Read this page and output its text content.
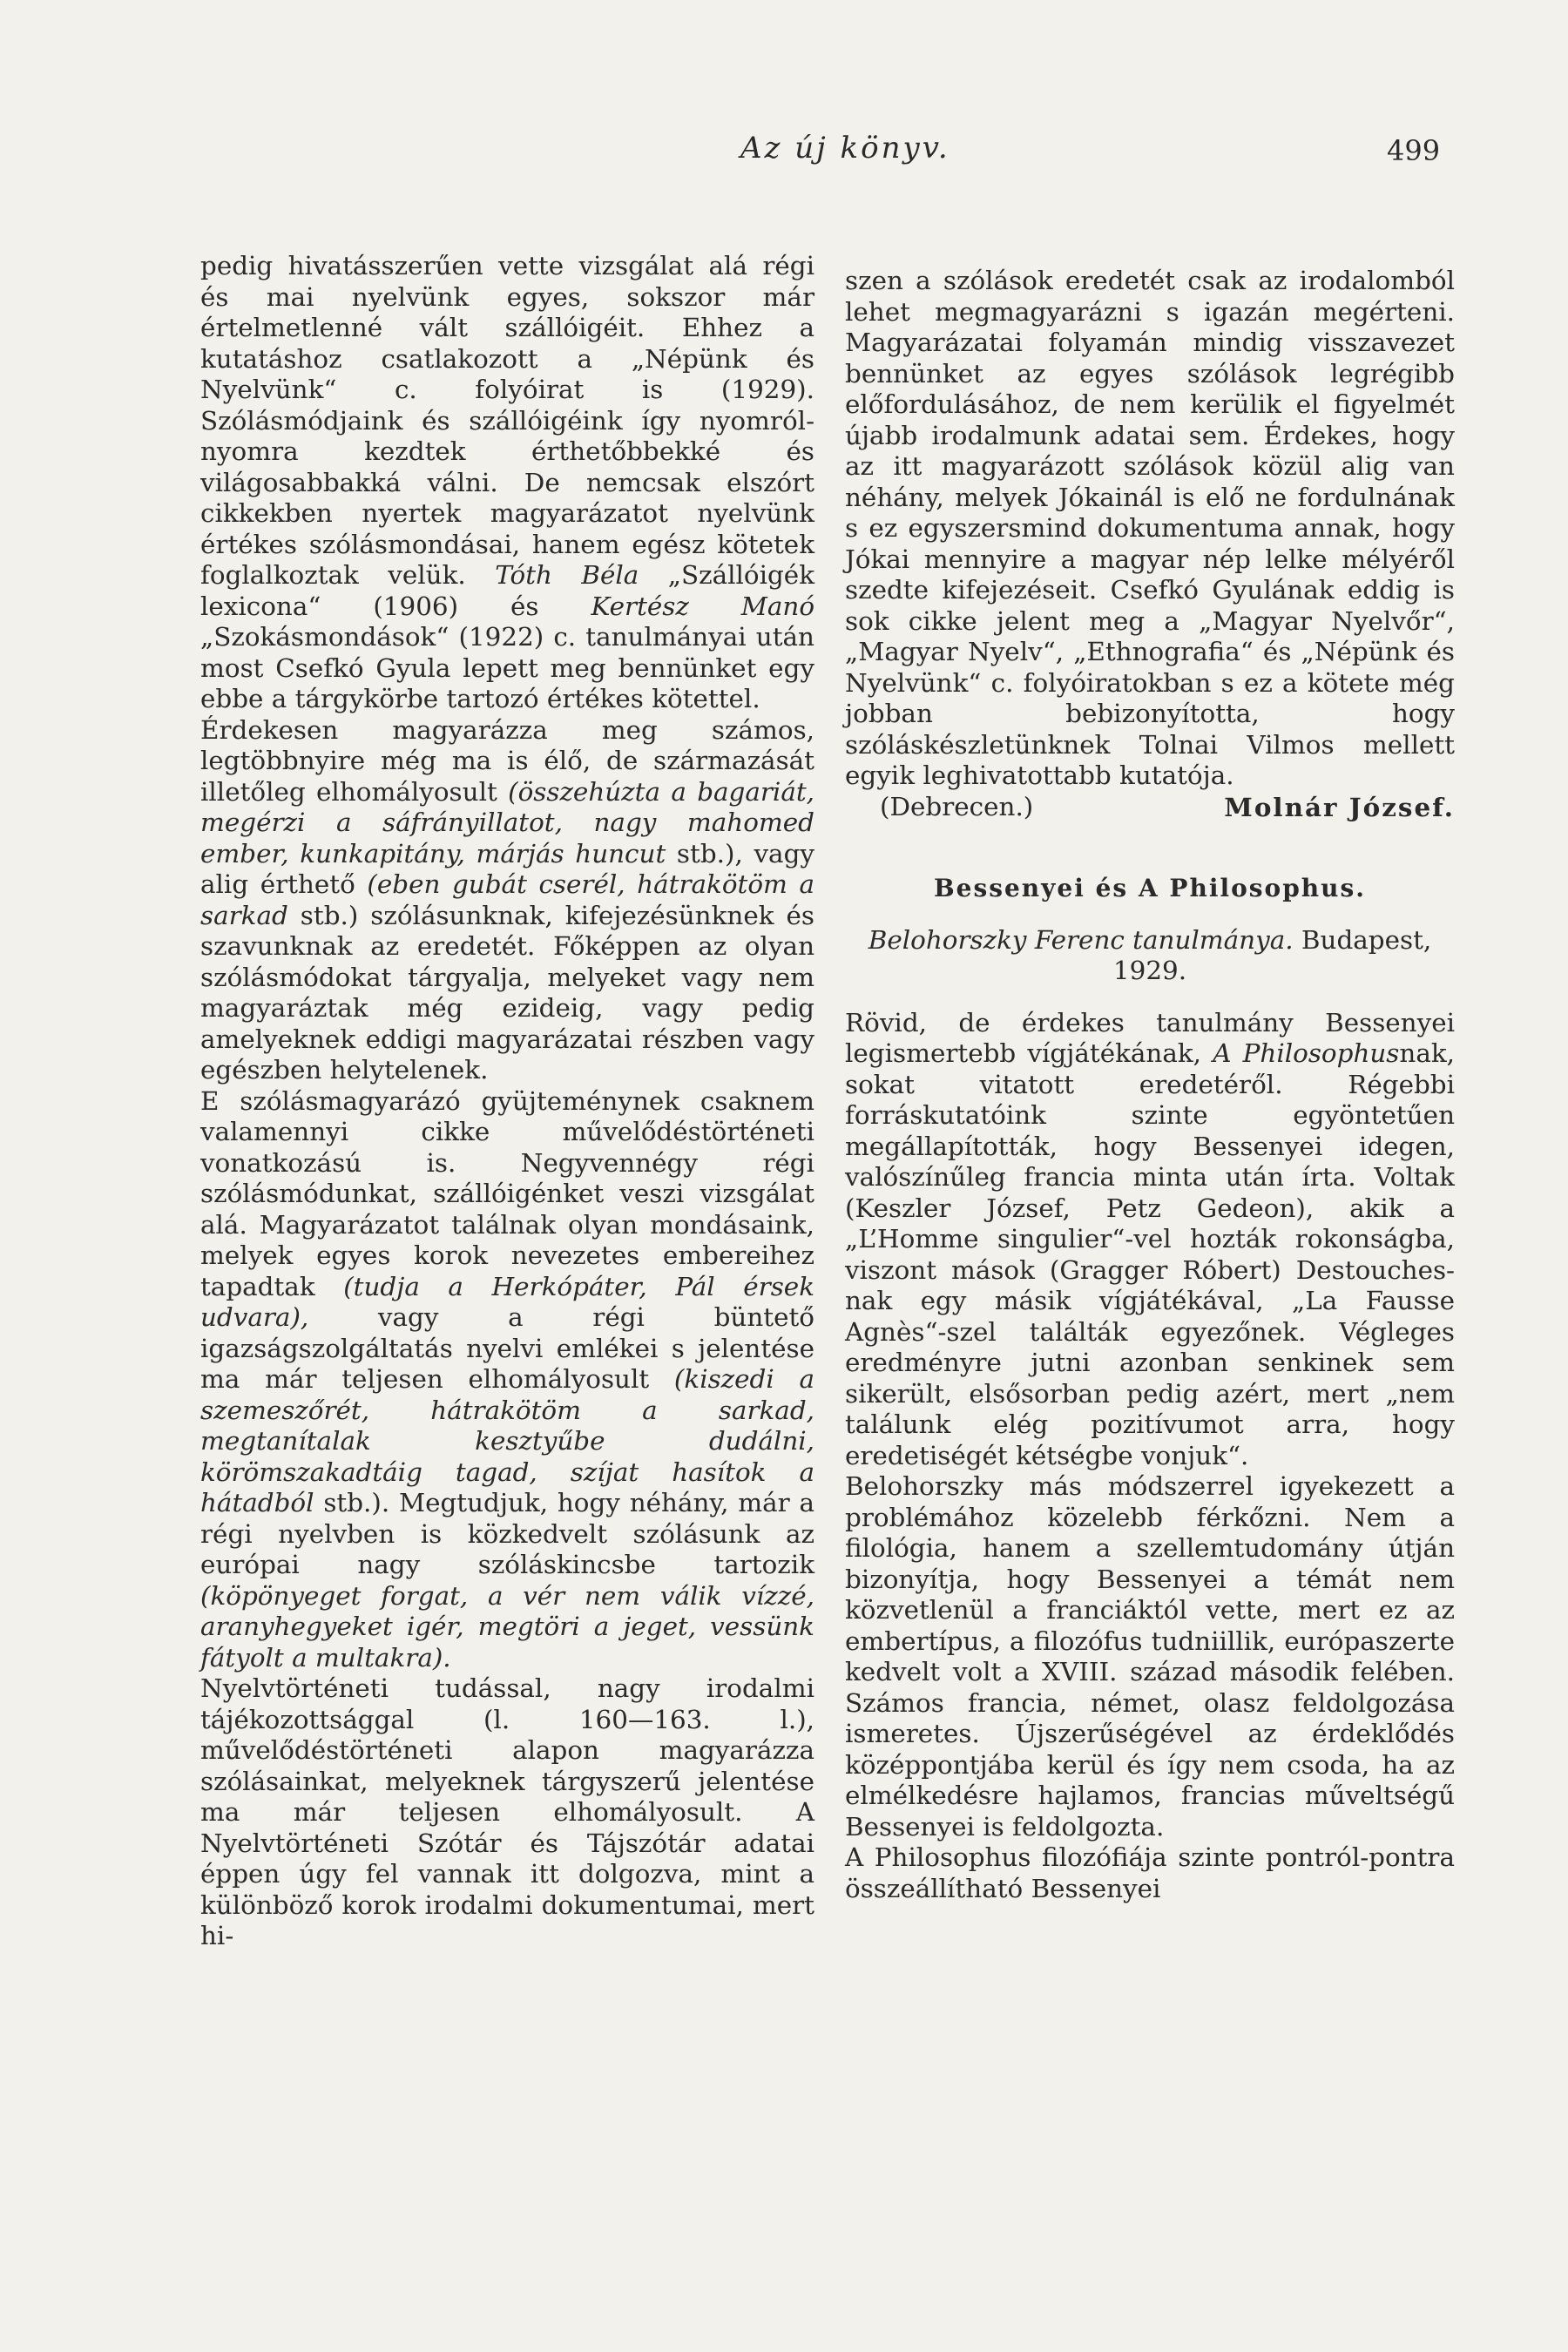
Az új könyv.	499

pedig hivatásszerűen vette vizsgálat alá régi és mai nyelvünk egyes, sokszor már értelmetlenné vált szállóigéit. Ehhez a kutatáshoz csatlakozott a „Népünk és Nyelvünk“ c. folyóirat is (1929). Szólásmódjaink és szállóigéink így nyomról-nyomra kezdtek érthetőbbekké és világosabbakká válni. De nemcsak elszórt cikkekben nyertek magyarázatot nyelvünk értékes szólásmondásai, hanem egész kötetek foglalkoztak velük. Tóth Béla „Szállóigék lexicona“ (1906) és Kertész Manó „Szokásmondások“ (1922) c. tanulmányai után most Csefkó Gyula lepett meg bennünket egy ebbe a tárgykörbe tartozó értékes kötettel.

Érdekesen magyarázza meg számos, legtöbbnyire még ma is élő, de származását illetőleg elhomályosult (összehúzta a bagariát, megérzi a sáfrányillatot, nagy mahomed ember, kunkapitány, márjás huncut stb.), vagy alig érthető (eben gubát cserél, hátrakötöm a sarkad stb.) szólásunknak, kifejezésünknek és szavunknak az eredetét. Főképpen az olyan szólásmódokat tárgyalja, melyeket vagy nem magyaráztak még ezideig, vagy pedig amelyeknek eddigi magyarázatai részben vagy egészben helytelenek.

E szólásmagyarázó gyüjteménynek csaknem valamennyi cikke művelődéstörténeti vonatkozású is. Negyvennégy régi szólásmódunkat, szállóigénket veszi vizsgálat alá. Magyarázatot találnak olyan mondásaink, melyek egyes korok nevezetes embereihez tapadtak (tudja a Herkópáter, Pál érsek udvara),	vagy a régi büntető igazságszolgáltatás nyelvi emlékei s jelentése ma már teljesen elhomályosult (kiszedi a szemeszőrét, hátrakötöm a sarkad, megtanítalak kesztyűbe dudálni, körömszakadtáig tagad, szíjat hasítok a hátadból stb.). Megtudjuk, hogy néhány, már a régi nyelvben is közkedvelt szólásunk az európai nagy szóláskincsbe tartozik (köpönyeget forgat, a vér nem válik vízzé, aranyhegyeket igér, megtöri a jeget, vessünk fátyolt a multakra).

Nyelvtörténeti tudással, nagy irodalmi tájékozottsággal (l. 160—163. l.), művelődéstörténeti alapon magyarázza szólásainkat, melyeknek tárgyszerű jelentése ma már teljesen elhomályosult. A Nyelvtörténeti Szótár és Tájszótár adatai éppen úgy fel vannak itt dolgozva, mint a különböző korok irodalmi dokumentumai, mert hi-

szen a szólások eredetét csak az irodalomból lehet megmagyarázni s igazán megérteni. Magyarázatai folyamán mindig visszavezet bennünket az egyes szólások legrégibb előfordulásához, de nem kerülik el figyelmét újabb irodalmunk adatai sem. Érdekes, hogy az itt magyarázott szólások közül alig van néhány, melyek Jókainál is elő ne fordulnának s ez egyszersmind dokumentuma annak, hogy Jókai mennyire a magyar nép lelke mélyéről szedte kifejezéseit. Csefkó Gyulának eddig is sok cikke jelent meg a „Magyar Nyelvőr“, „Magyar Nyelv“, „Ethnografia“ és „Népünk és Nyelvünk“ c. folyóiratokban s ez a kötete még jobban bebizonyította, hogy szóláskészletünknek Tolnai Vilmos mellett egyik leghivatottabb kutatója.

(Debrecen.)	Molnár József.

Bessenyei és A Philosophus.

Belohorszky Ferenc tanulmánya. Budapest, 1929.

Rövid, de érdekes tanulmány Bessenyei legismertebb vígjátékának, A Philosophusnak, sokat vitatott eredetéről. Régebbi forráskutatóink szinte egyöntetűen megállapították, hogy Bessenyei idegen, valószínűleg francia minta után írta. Voltak (Keszler József, Petz Gedeon), akik a „L’Homme singulier“-vel hozták rokonságba, viszont mások (Gragger Róbert) Destouches-nak egy másik vígjátékával, „La Fausse Agnès“-szel találták egyezőnek. Végleges eredményre jutni azonban senkinek sem sikerült, elsősorban pedig azért, mert „nem találunk elég pozitívumot arra, hogy eredetiségét kétségbe vonjuk“.

Belohorszky más módszerrel igyekezett a problémához közelebb férkőzni. Nem a filológia, hanem a szellemtudomány útján bizonyítja, hogy Bessenyei a témát nem közvetlenül a franciáktól vette, mert ez az embertípus, a filozófus tudniillik, európaszerte kedvelt volt a XVIII. század második felében. Számos francia, német, olasz feldolgozása ismeretes. Újszerűségével az érdeklődés középpontjába kerül és így nem csoda, ha az elmélkedésre hajlamos, francias műveltségű Bessenyei is feldolgozta.

A Philosophus filozófiája szinte pontról-pontra összeállítható Bessenyei
